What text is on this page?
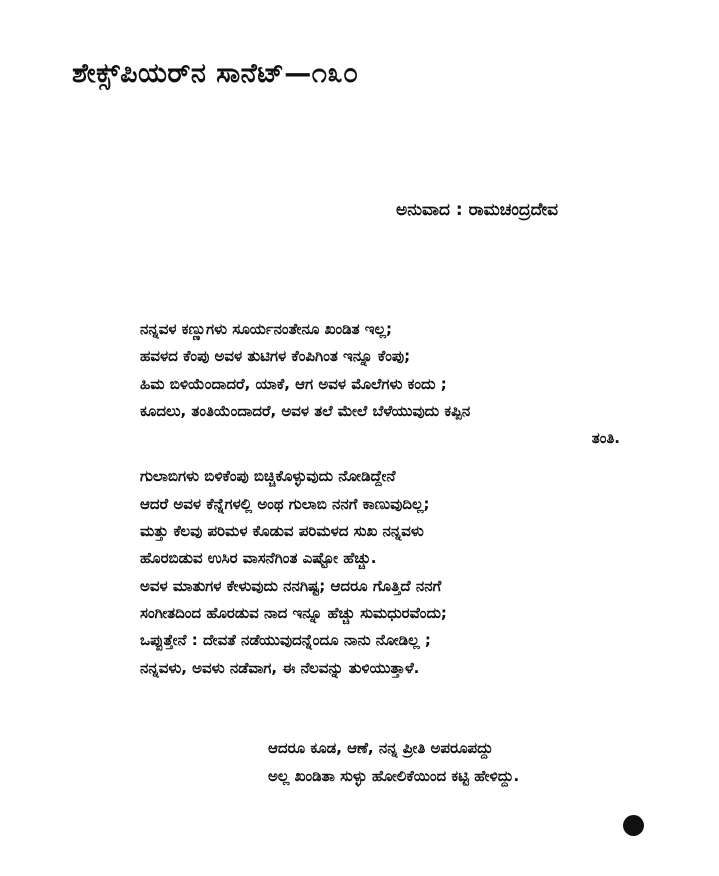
ಶೇಕ್ಸ್‌ಪಿಯರ್‌ನ ಸಾನೆಟ್—೧೩೦
ಅನುವಾದ : ರಾಮಚಂದ್ರದೇವ
ನನ್ನವಳ ಕಣ್ಣುಗಳು ಸೂರ್ಯನಂತೇನೂ ಖಂಡಿತ ಇಲ್ಲ;
ಹವಳದ ಕೆಂಪು ಅವಳ ತುಟಿಗಳ ಕೆಂಪಿಗಿಂತ ಇನ್ನೂ ಕೆಂಪು;
ಹಿಮ ಬಿಳಿಯೆಂದಾದರೆ, ಯಾಕೆ, ಆಗ ಅವಳ ಮೊಲೆಗಳು ಕಂದು ;
ಕೂದಲು, ತಂತಿಯೆಂದಾದರೆ, ಅವಳ ತಲೆ ಮೇಲೆ ಬೆಳೆಯುವುದು ಕಪ್ಪಿನ
ತಂತಿ.
ಗುಲಾಬಿಗಳು ಬಿಳಿಕೆಂಪು ಬಿಚ್ಚಿಕೊಳ್ಳುವುದು ನೋಡಿದ್ದೇನೆ
ಆದರೆ ಅವಳ ಕೆನ್ನೆಗಳಲ್ಲಿ ಅಂಥ ಗುಲಾಬಿ ನನಗೆ ಕಾಣುವುದಿಲ್ಲ;
ಮತ್ತು ಕೆಲವು ಪರಿಮಳ ಕೊಡುವ ಪರಿಮಳದ ಸುಖ ನನ್ನವಳು
ಹೊರಬಿಡುವ ಉಸಿರ ವಾಸನೆಗಿಂತ ಎಷ್ಟೋ ಹೆಚ್ಚು.
ಅವಳ ಮಾತುಗಳ ಕೇಳುವುದು ನನಗಿಷ್ಟ; ಆದರೂ ಗೊತ್ತಿದೆ ನನಗೆ
ಸಂಗೀತದಿಂದ ಹೊರಡುವ ನಾದ ಇನ್ನೂ ಹೆಚ್ಚು ಸುಮಧುರವೆಂದು;
ಒಪ್ಪುತ್ತೇನೆ : ದೇವತೆ ನಡೆಯುವುದನ್ನೆಂದೂ ನಾನು ನೋಡಿಲ್ಲ ;
ನನ್ನವಳು, ಅವಳು ನಡೆವಾಗ, ಈ ನೆಲವನ್ನು ತುಳಿಯುತ್ತಾಳೆ.
ಆದರೂ ಕೂಡ, ಆಣೆ, ನನ್ನ ಪ್ರೀತಿ ಅಪರೂಪದ್ದು
ಅಲ್ಲ ಖಂಡಿತಾ ಸುಳ್ಳು ಹೋಲಿಕೆಯಿಂದ ಕಟ್ಟಿ ಹೇಳಿದ್ದು.
